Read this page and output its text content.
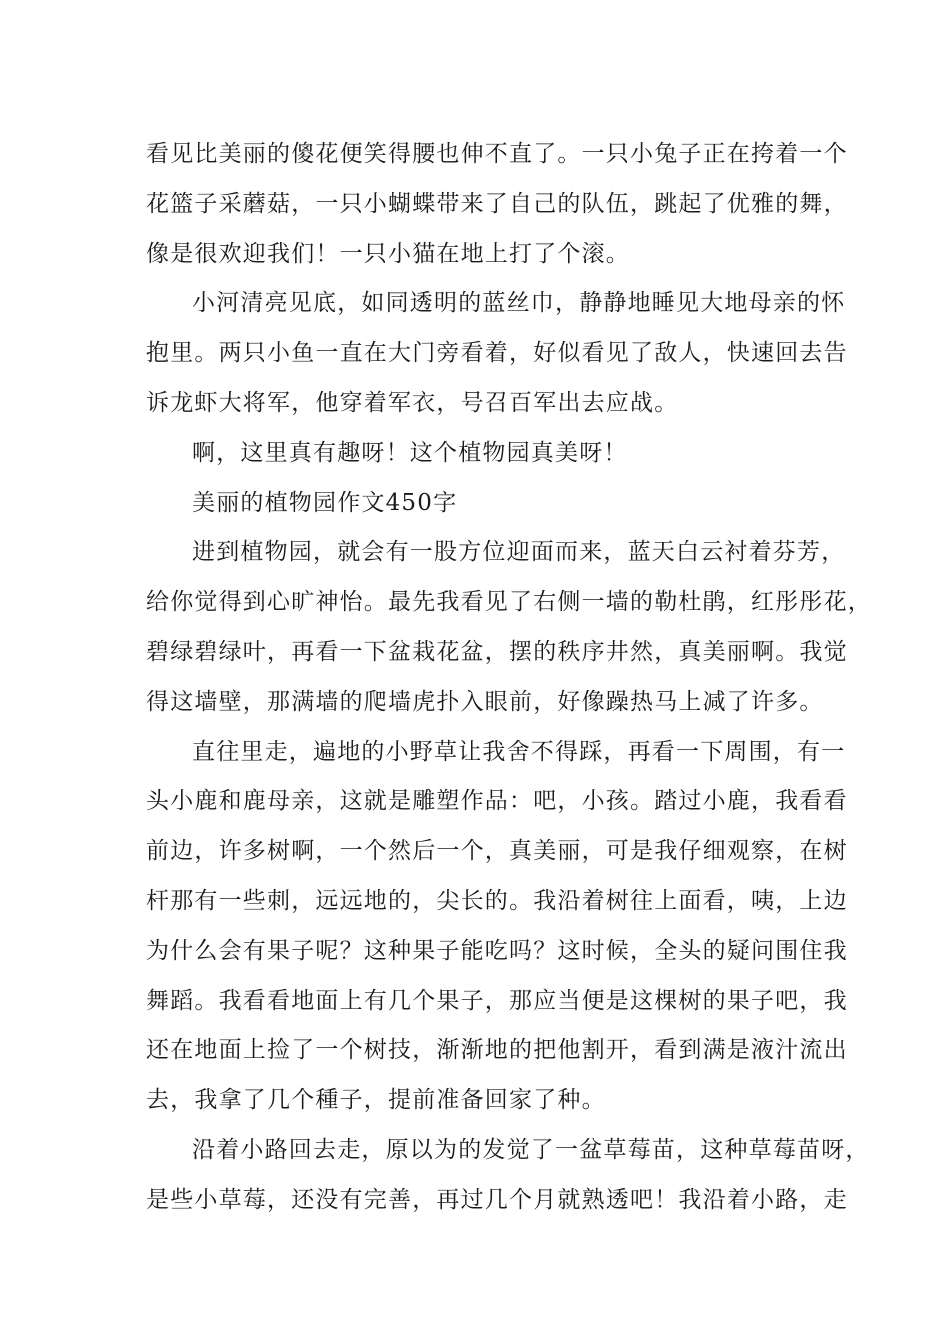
看见比美丽的傻花便笑得腰也伸不直了。一只小兔子正在挎着一个
花篮子采蘑菇，一只小蝴蝶带来了自己的队伍，跳起了优雅的舞，
像是很欢迎我们！一只小猫在地上打了个滚。
小河清亮见底，如同透明的蓝丝巾，静静地睡见大地母亲的怀
抱里。两只小鱼一直在大门旁看着，好似看见了敌人，快速回去告
诉龙虾大将军，他穿着军衣，号召百军出去应战。
啊，这里真有趣呀！这个植物园真美呀！
美丽的植物园作文450字
进到植物园，就会有一股方位迎面而来，蓝天白云衬着芬芳，
给你觉得到心旷神怡。最先我看见了右侧一墙的勒杜鹃，红彤彤花，
碧绿碧绿叶，再看一下盆栽花盆，摆的秩序井然，真美丽啊。我觉
得这墙壁，那满墙的爬墙虎扑入眼前，好像躁热马上减了许多。
直往里走，遍地的小野草让我舍不得踩，再看一下周围，有一
头小鹿和鹿母亲，这就是雕塑作品：吧，小孩。踏过小鹿，我看看
前边，许多树啊，一个然后一个，真美丽，可是我仔细观察，在树
杆那有一些刺，远远地的，尖长的。我沿着树往上面看，咦，上边
为什么会有果子呢？这种果子能吃吗？这时候，全头的疑问围住我
舞蹈。我看看地面上有几个果子，那应当便是这棵树的果子吧，我
还在地面上捡了一个树技，渐渐地的把他割开，看到满是液汁流出
去，我拿了几个種子，提前准备回家了种。
沿着小路回去走，原以为的发觉了一盆草莓苗，这种草莓苗呀，
是些小草莓，还没有完善，再过几个月就熟透吧！我沿着小路，走
